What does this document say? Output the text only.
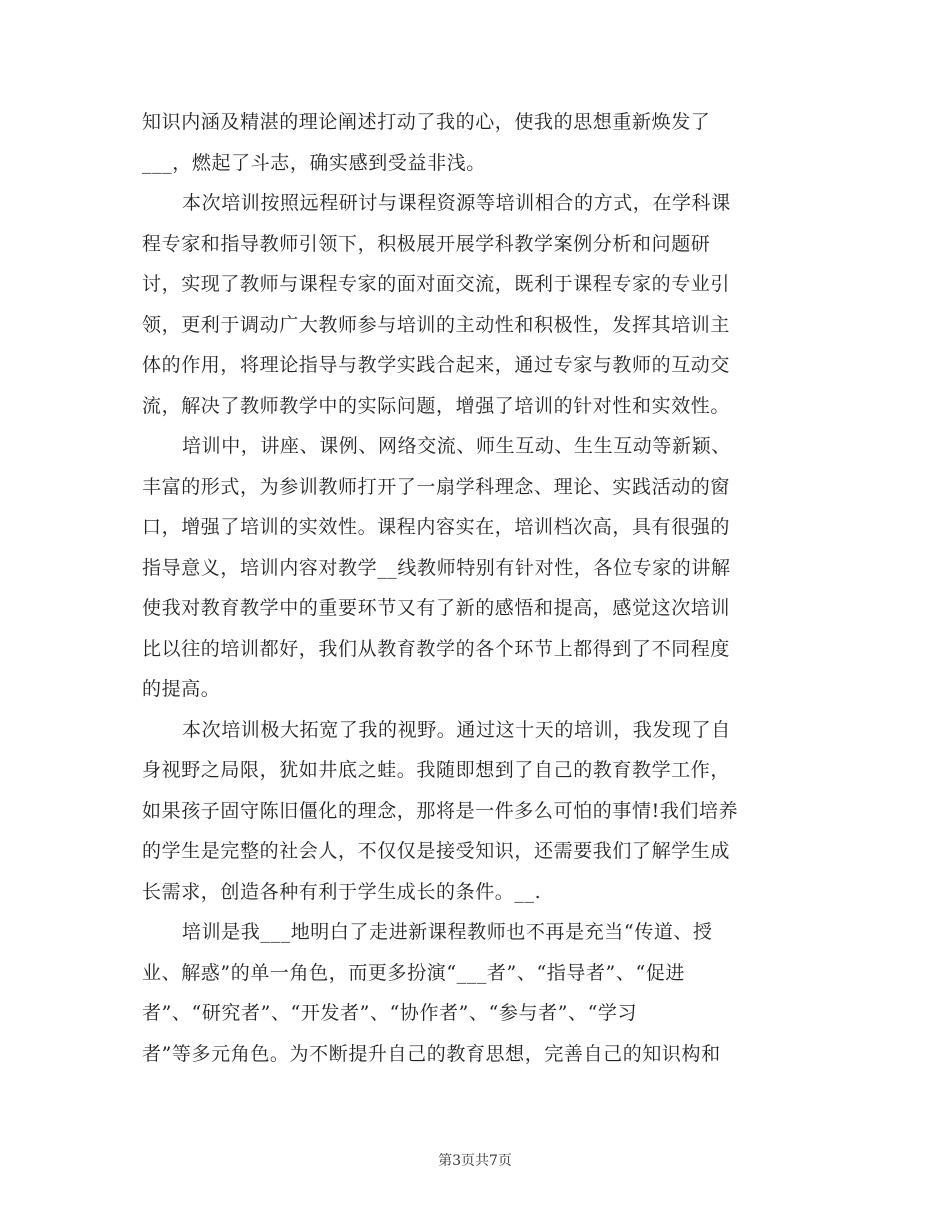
知识内涵及精湛的理论阐述打动了我的心，使我的思想重新焕发了
___，燃起了斗志，确实感到受益非浅。
本次培训按照远程研讨与课程资源等培训相合的方式，在学科课
程专家和指导教师引领下，积极展开展学科教学案例分析和问题研
讨，实现了教师与课程专家的面对面交流，既利于课程专家的专业引
领，更利于调动广大教师参与培训的主动性和积极性，发挥其培训主
体的作用，将理论指导与教学实践合起来，通过专家与教师的互动交
流，解决了教师教学中的实际问题，增强了培训的针对性和实效性。
培训中，讲座、课例、网络交流、师生互动、生生互动等新颖、
丰富的形式，为参训教师打开了一扇学科理念、理论、实践活动的窗
口，增强了培训的实效性。课程内容实在，培训档次高，具有很强的
指导意义，培训内容对教学__线教师特别有针对性，各位专家的讲解
使我对教育教学中的重要环节又有了新的感悟和提高，感觉这次培训
比以往的培训都好，我们从教育教学的各个环节上都得到了不同程度
的提高。
本次培训极大拓宽了我的视野。通过这十天的培训，我发现了自
身视野之局限，犹如井底之蛙。我随即想到了自己的教育教学工作，
如果孩子固守陈旧僵化的理念，那将是一件多么可怕的事情!我们培养
的学生是完整的社会人，不仅仅是接受知识，还需要我们了解学生成
长需求，创造各种有利于学生成长的条件。__.
培训是我___地明白了走进新课程教师也不再是充当“传道、授
业、解惑”的单一角色，而更多扮演“___者”、“指导者”、“促进
者”、“研究者”、“开发者”、“协作者”、“参与者”、“学习
者”等多元角色。为不断提升自己的教育思想，完善自己的知识构和
第3页共7页
